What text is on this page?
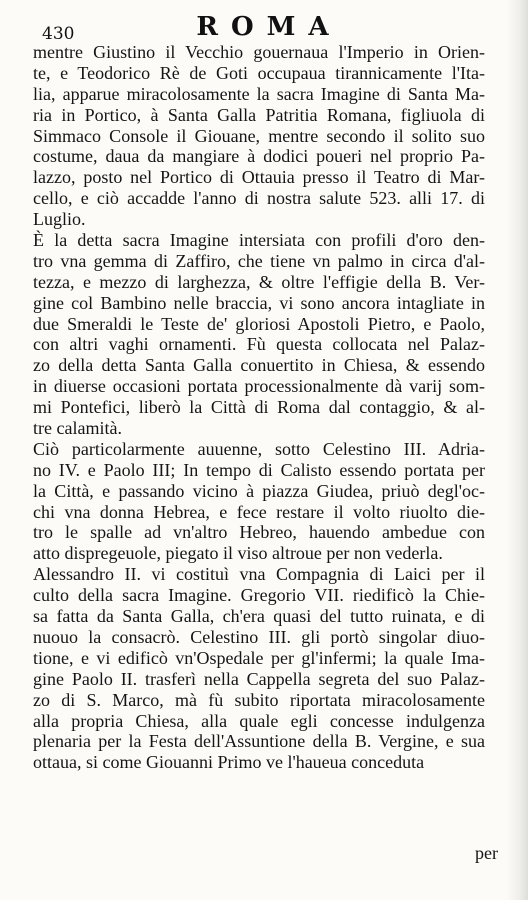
430	ROMA
mentre Giustino il Vecchio gouernaua l'Imperio in Orien-
te, e Teodorico Rè de Goti occupaua tirannicamente l'Ita-
lia, apparue miracolosamente la sacra Imagine di Santa Ma-
ria in Portico, à Santa Galla Patritia Romana, figliuola di
Simmaco Console il Giouane, mentre secondo il solito suo
costume, daua da mangiare à dodici poueri nel proprio Pa-
lazzo, posto nel Portico di Ottauia presso il Teatro di Mar-
cello, e ciò accadde l'anno di nostra salute 523. alli 17. di
Luglio.
È la detta sacra Imagine intersiata con profili d'oro den-
tro vna gemma di Zaffiro, che tiene vn palmo in circa d'al-
tezza, e mezzo di larghezza, & oltre l'effigie della B. Ver-
gine col Bambino nelle braccia, vi sono ancora intagliate in
due Smeraldi le Teste de' gloriosi Apostoli Pietro, e Paolo,
con altri vaghi ornamenti. Fù questa collocata nel Palaz-
zo della detta Santa Galla conuertito in Chiesa, & essendo
in diuerse occasioni portata processionalmente dà varij som-
mi Pontefici, liberò la Città di Roma dal contaggio, & al-
tre calamità.
Ciò particolarmente auuenne, sotto Celestino III. Adria-
no IV. e Paolo III; In tempo di Calisto essendo portata per
la Città, e passando vicino à piazza Giudea, priuò degl'oc-
chi vna donna Hebrea, e fece restare il volto riuolto die-
tro le spalle ad vn'altro Hebreo, hauendo ambedue con
atto dispregeuole, piegato il viso altroue per non vederla.
Alessandro II. vi costituì vna Compagnia di Laici per il
culto della sacra Imagine. Gregorio VII. riedificò la Chie-
sa fatta da Santa Galla, ch'era quasi del tutto ruinata, e di
nuouo la consacrò. Celestino III. gli portò singolar diuo-
tione, e vi edificò vn'Ospedale per gl'infermi; la quale Ima-
gine Paolo II. trasferì nella Cappella segreta del suo Palaz-
zo di S. Marco, mà fù subito riportata miracolosamente
alla propria Chiesa, alla quale egli concesse indulgenza
plenaria per la Festa dell'Assuntione della B. Vergine, e sua
ottaua, si come Giouanni Primo ve l'haueua conceduta
per
